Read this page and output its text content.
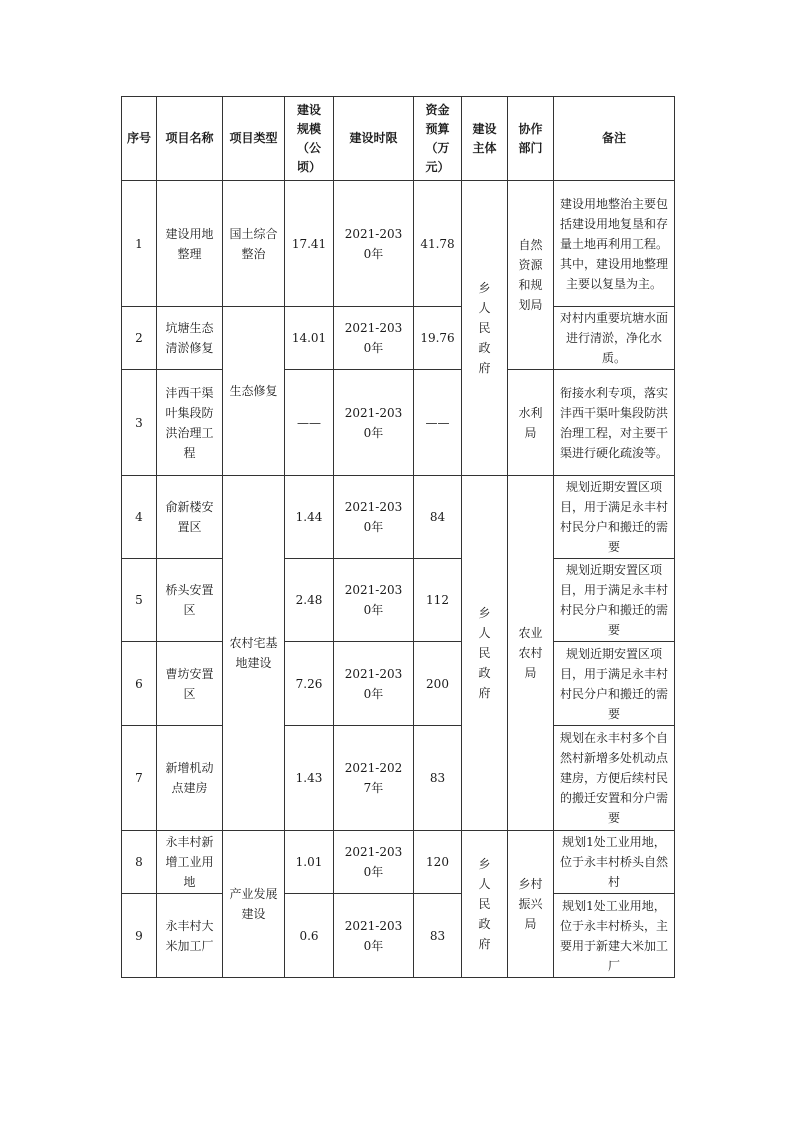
序号	项目名称	项目类型	建设规模（公顷）	建设时限	资金预算（万元）	建设主体	协作部门	备注
1	建设用地整理	国土综合整治	17.41	2021-2030年	41.78	乡人民政府	自然资源和规划局	建设用地整治主要包括建设用地复垦和存量土地再利用工程。其中，建设用地整理主要以复垦为主。
2	坑塘生态清淤修复	生态修复	14.01	2021-2030年	19.76			对村内重要坑塘水面进行清淤，净化水质。
3	沣西干渠叶集段防洪治理工程		——	2021-2030年	——		水利局	衔接水利专项，落实沣西干渠叶集段防洪治理工程，对主要干渠进行硬化疏浚等。
4	俞新楼安置区	农村宅基地建设	1.44	2021-2030年	84	乡人民政府	农业农村局	规划近期安置区项目，用于满足永丰村村民分户和搬迁的需要
5	桥头安置区		2.48	2021-2030年	112			规划近期安置区项目，用于满足永丰村村民分户和搬迁的需要
6	曹坊安置区		7.26	2021-2030年	200			规划近期安置区项目，用于满足永丰村村民分户和搬迁的需要
7	新增机动点建房		1.43	2021-2027年	83			规划在永丰村多个自然村新增多处机动点建房，方便后续村民的搬迁安置和分户需要
8	永丰村新增工业用地	产业发展建设	1.01	2021-2030年	120	乡人民政府	乡村振兴局	规划1处工业用地，位于永丰村桥头自然村
9	永丰村大米加工厂		0.6	2021-2030年	83			规划1处工业用地，位于永丰村桥头，主要用于新建大米加工厂
